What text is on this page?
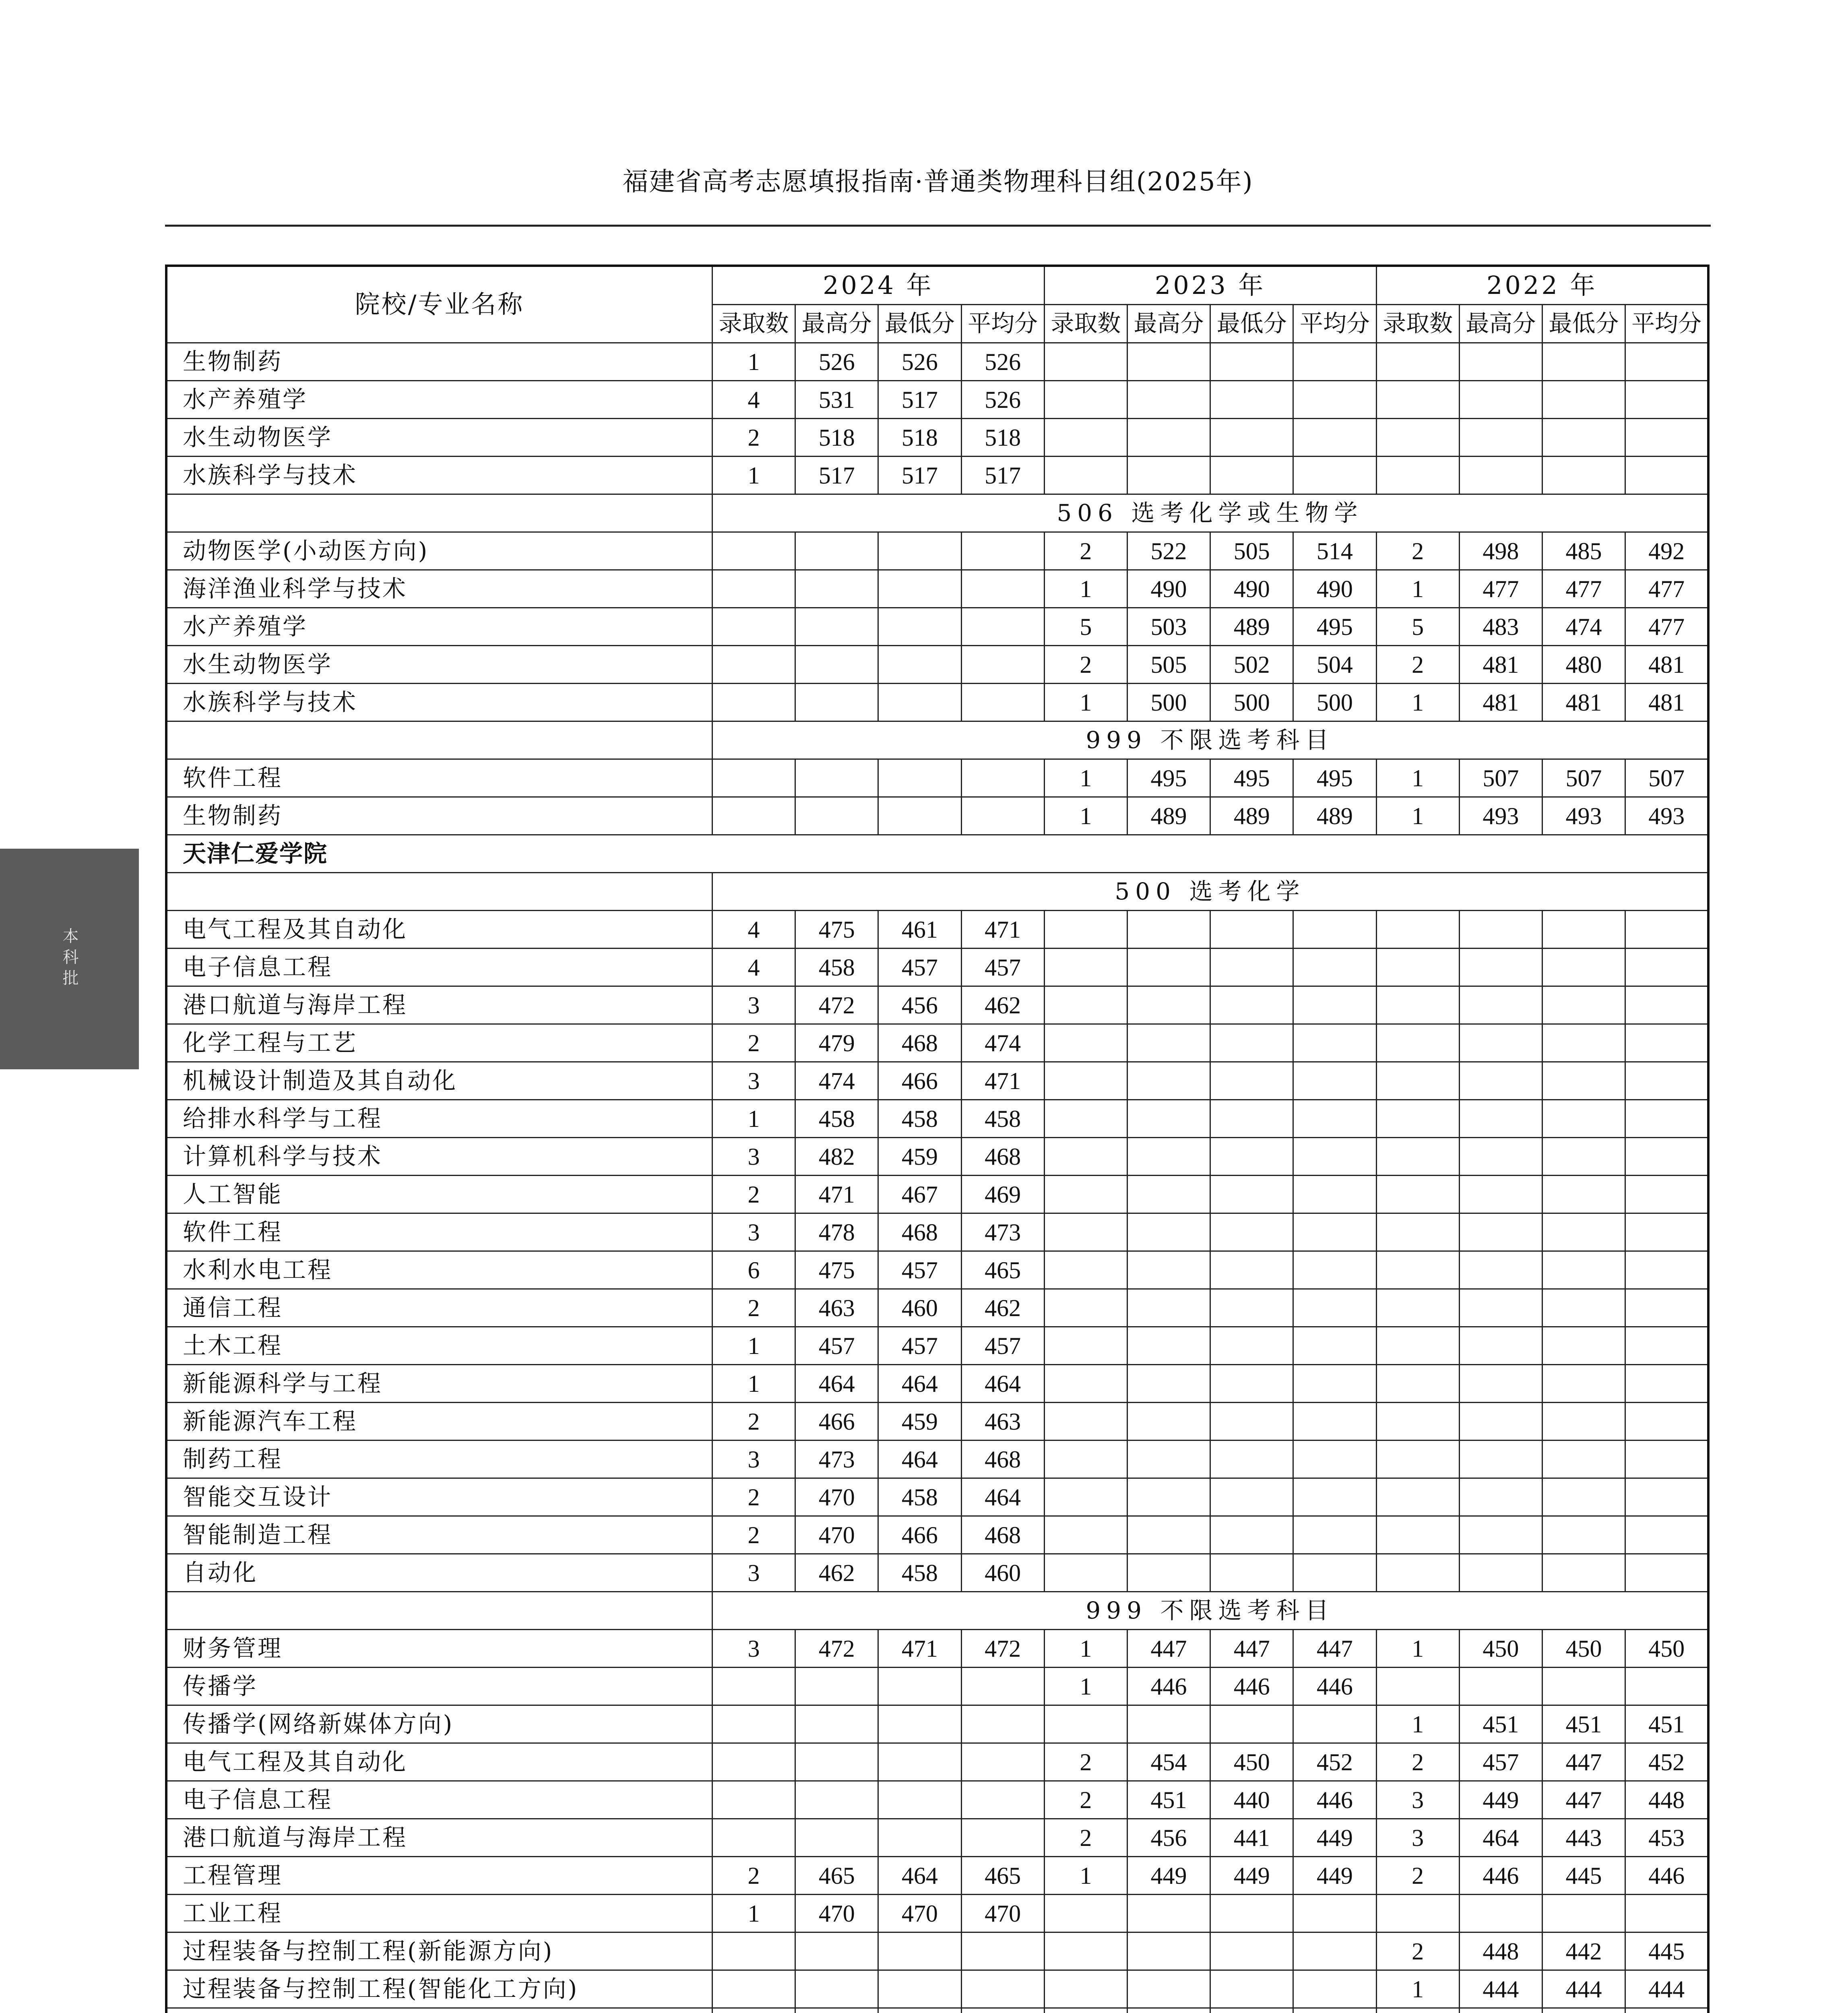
福建省高考志愿填报指南·普通类物理科目组(2025年)
本科批
院校/专业名称	2024 年				2023 年				2022 年			
	录取数	最高分	最低分	平均分	录取数	最高分	最低分	平均分	录取数	最高分	最低分	平均分
生物制药	1	526	526	526								
水产养殖学	4	531	517	526								
水生动物医学	2	518	518	518								
水族科学与技术	1	517	517	517								
	506 选考化学或生物学											
动物医学(小动医方向)					2	522	505	514	2	498	485	492
海洋渔业科学与技术					1	490	490	490	1	477	477	477
水产养殖学					5	503	489	495	5	483	474	477
水生动物医学					2	505	502	504	2	481	480	481
水族科学与技术					1	500	500	500	1	481	481	481
	999 不限选考科目											
软件工程					1	495	495	495	1	507	507	507
生物制药					1	489	489	489	1	493	493	493
天津仁爱学院												
	500 选考化学											
电气工程及其自动化	4	475	461	471								
电子信息工程	4	458	457	457								
港口航道与海岸工程	3	472	456	462								
化学工程与工艺	2	479	468	474								
机械设计制造及其自动化	3	474	466	471								
给排水科学与工程	1	458	458	458								
计算机科学与技术	3	482	459	468								
人工智能	2	471	467	469								
软件工程	3	478	468	473								
水利水电工程	6	475	457	465								
通信工程	2	463	460	462								
土木工程	1	457	457	457								
新能源科学与工程	1	464	464	464								
新能源汽车工程	2	466	459	463								
制药工程	3	473	464	468								
智能交互设计	2	470	458	464								
智能制造工程	2	470	466	468								
自动化	3	462	458	460								
	999 不限选考科目											
财务管理	3	472	471	472	1	447	447	447	1	450	450	450
传播学					1	446	446	446				
传播学(网络新媒体方向)									1	451	451	451
电气工程及其自动化					2	454	450	452	2	457	447	452
电子信息工程					2	451	440	446	3	449	447	448
港口航道与海岸工程					2	456	441	449	3	464	443	453
工程管理	2	465	464	465	1	449	449	449	2	446	445	446
工业工程	1	470	470	470								
过程装备与控制工程(新能源方向)									2	448	442	445
过程装备与控制工程(智能化工方向)									1	444	444	444
